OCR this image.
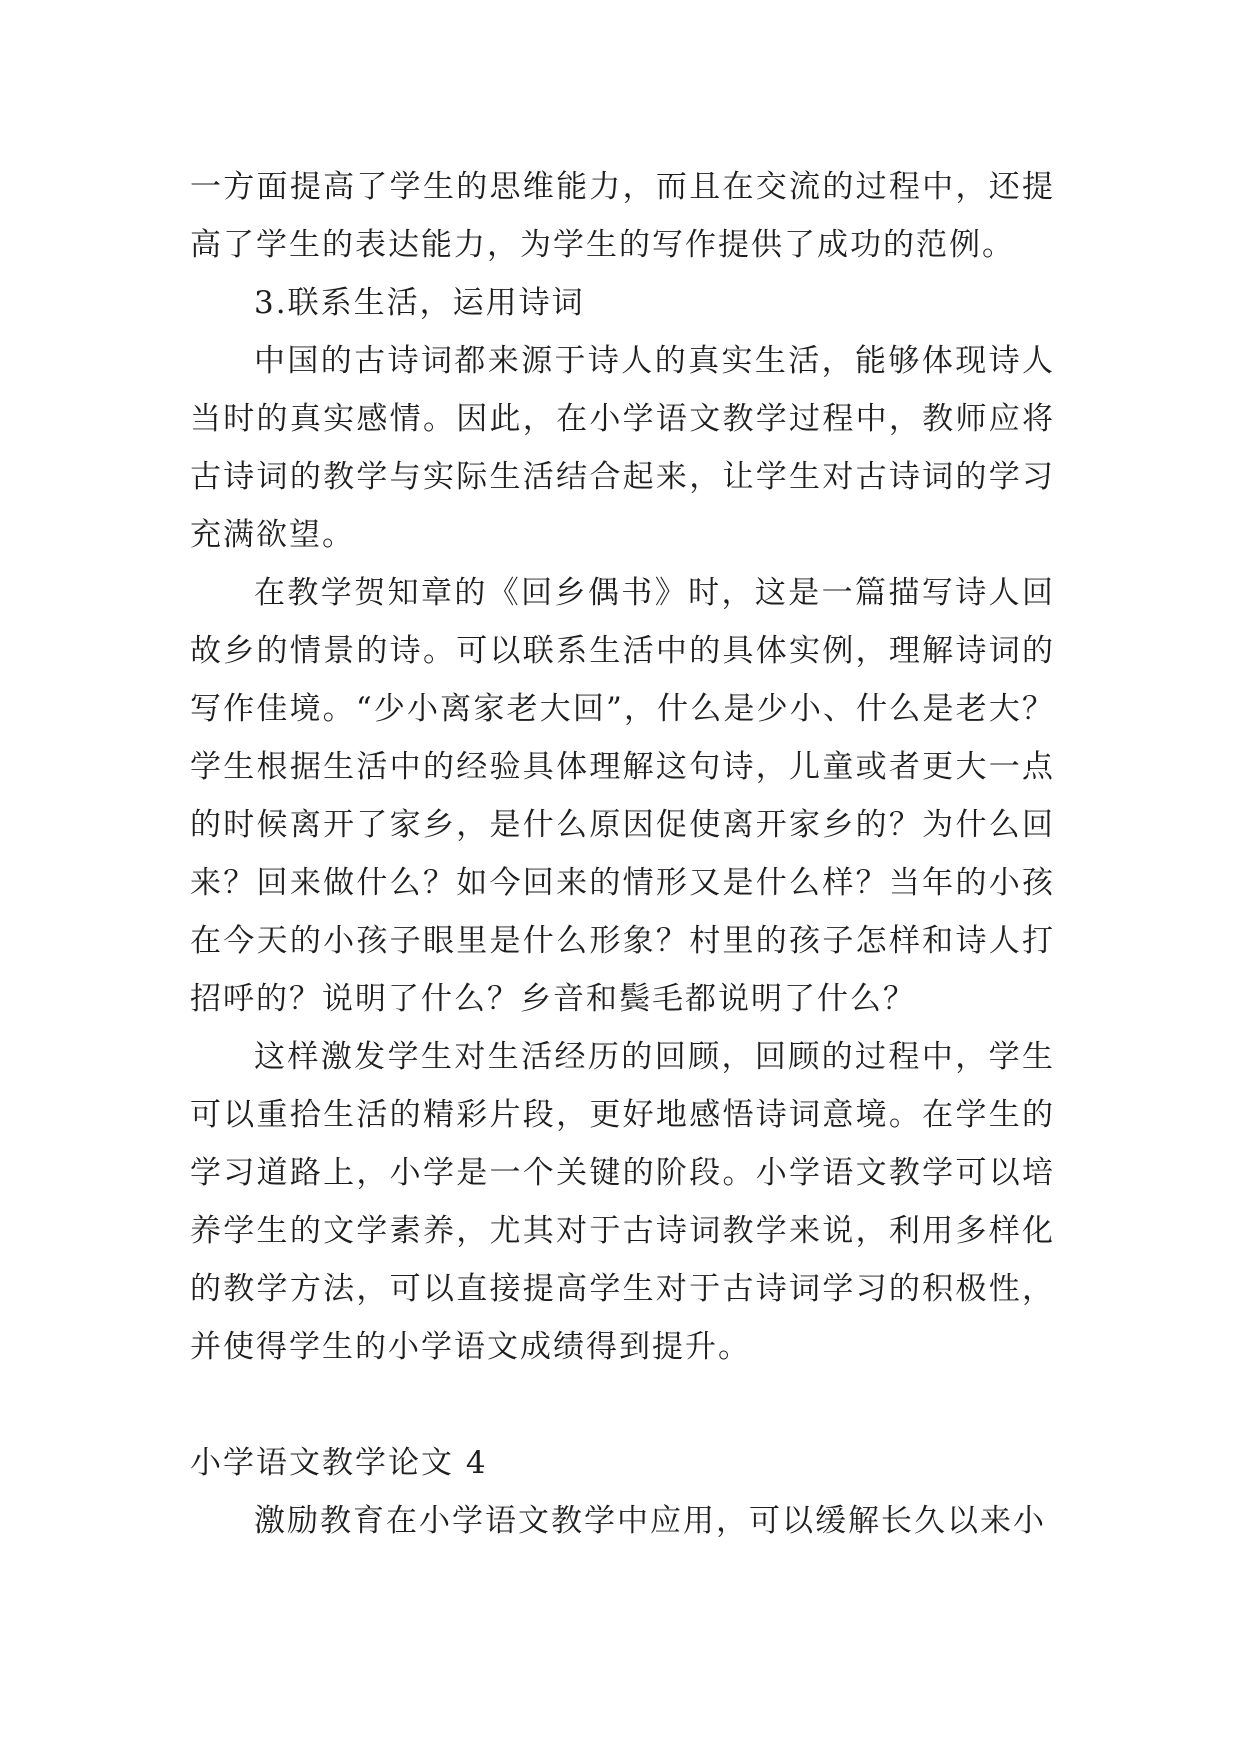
一方面提高了学生的思维能力，而且在交流的过程中，还提高了学生的表达能力，为学生的写作提供了成功的范例。

3.联系生活，运用诗词

中国的古诗词都来源于诗人的真实生活，能够体现诗人当时的真实感情。因此，在小学语文教学过程中，教师应将古诗词的教学与实际生活结合起来，让学生对古诗词的学习充满欲望。

在教学贺知章的《回乡偶书》时，这是一篇描写诗人回故乡的情景的诗。可以联系生活中的具体实例，理解诗词的写作佳境。“少小离家老大回”，什么是少小、什么是老大？学生根据生活中的经验具体理解这句诗，儿童或者更大一点的时候离开了家乡，是什么原因促使离开家乡的？为什么回来？回来做什么？如今回来的情形又是什么样？当年的小孩在今天的小孩子眼里是什么形象？村里的孩子怎样和诗人打招呼的？说明了什么？乡音和鬓毛都说明了什么？

这样激发学生对生活经历的回顾，回顾的过程中，学生可以重拾生活的精彩片段，更好地感悟诗词意境。在学生的学习道路上，小学是一个关键的阶段。小学语文教学可以培养学生的文学素养，尤其对于古诗词教学来说，利用多样化的教学方法，可以直接提高学生对于古诗词学习的积极性，并使得学生的小学语文成绩得到提升。

小学语文教学论文 4

激励教育在小学语文教学中应用，可以缓解长久以来小
